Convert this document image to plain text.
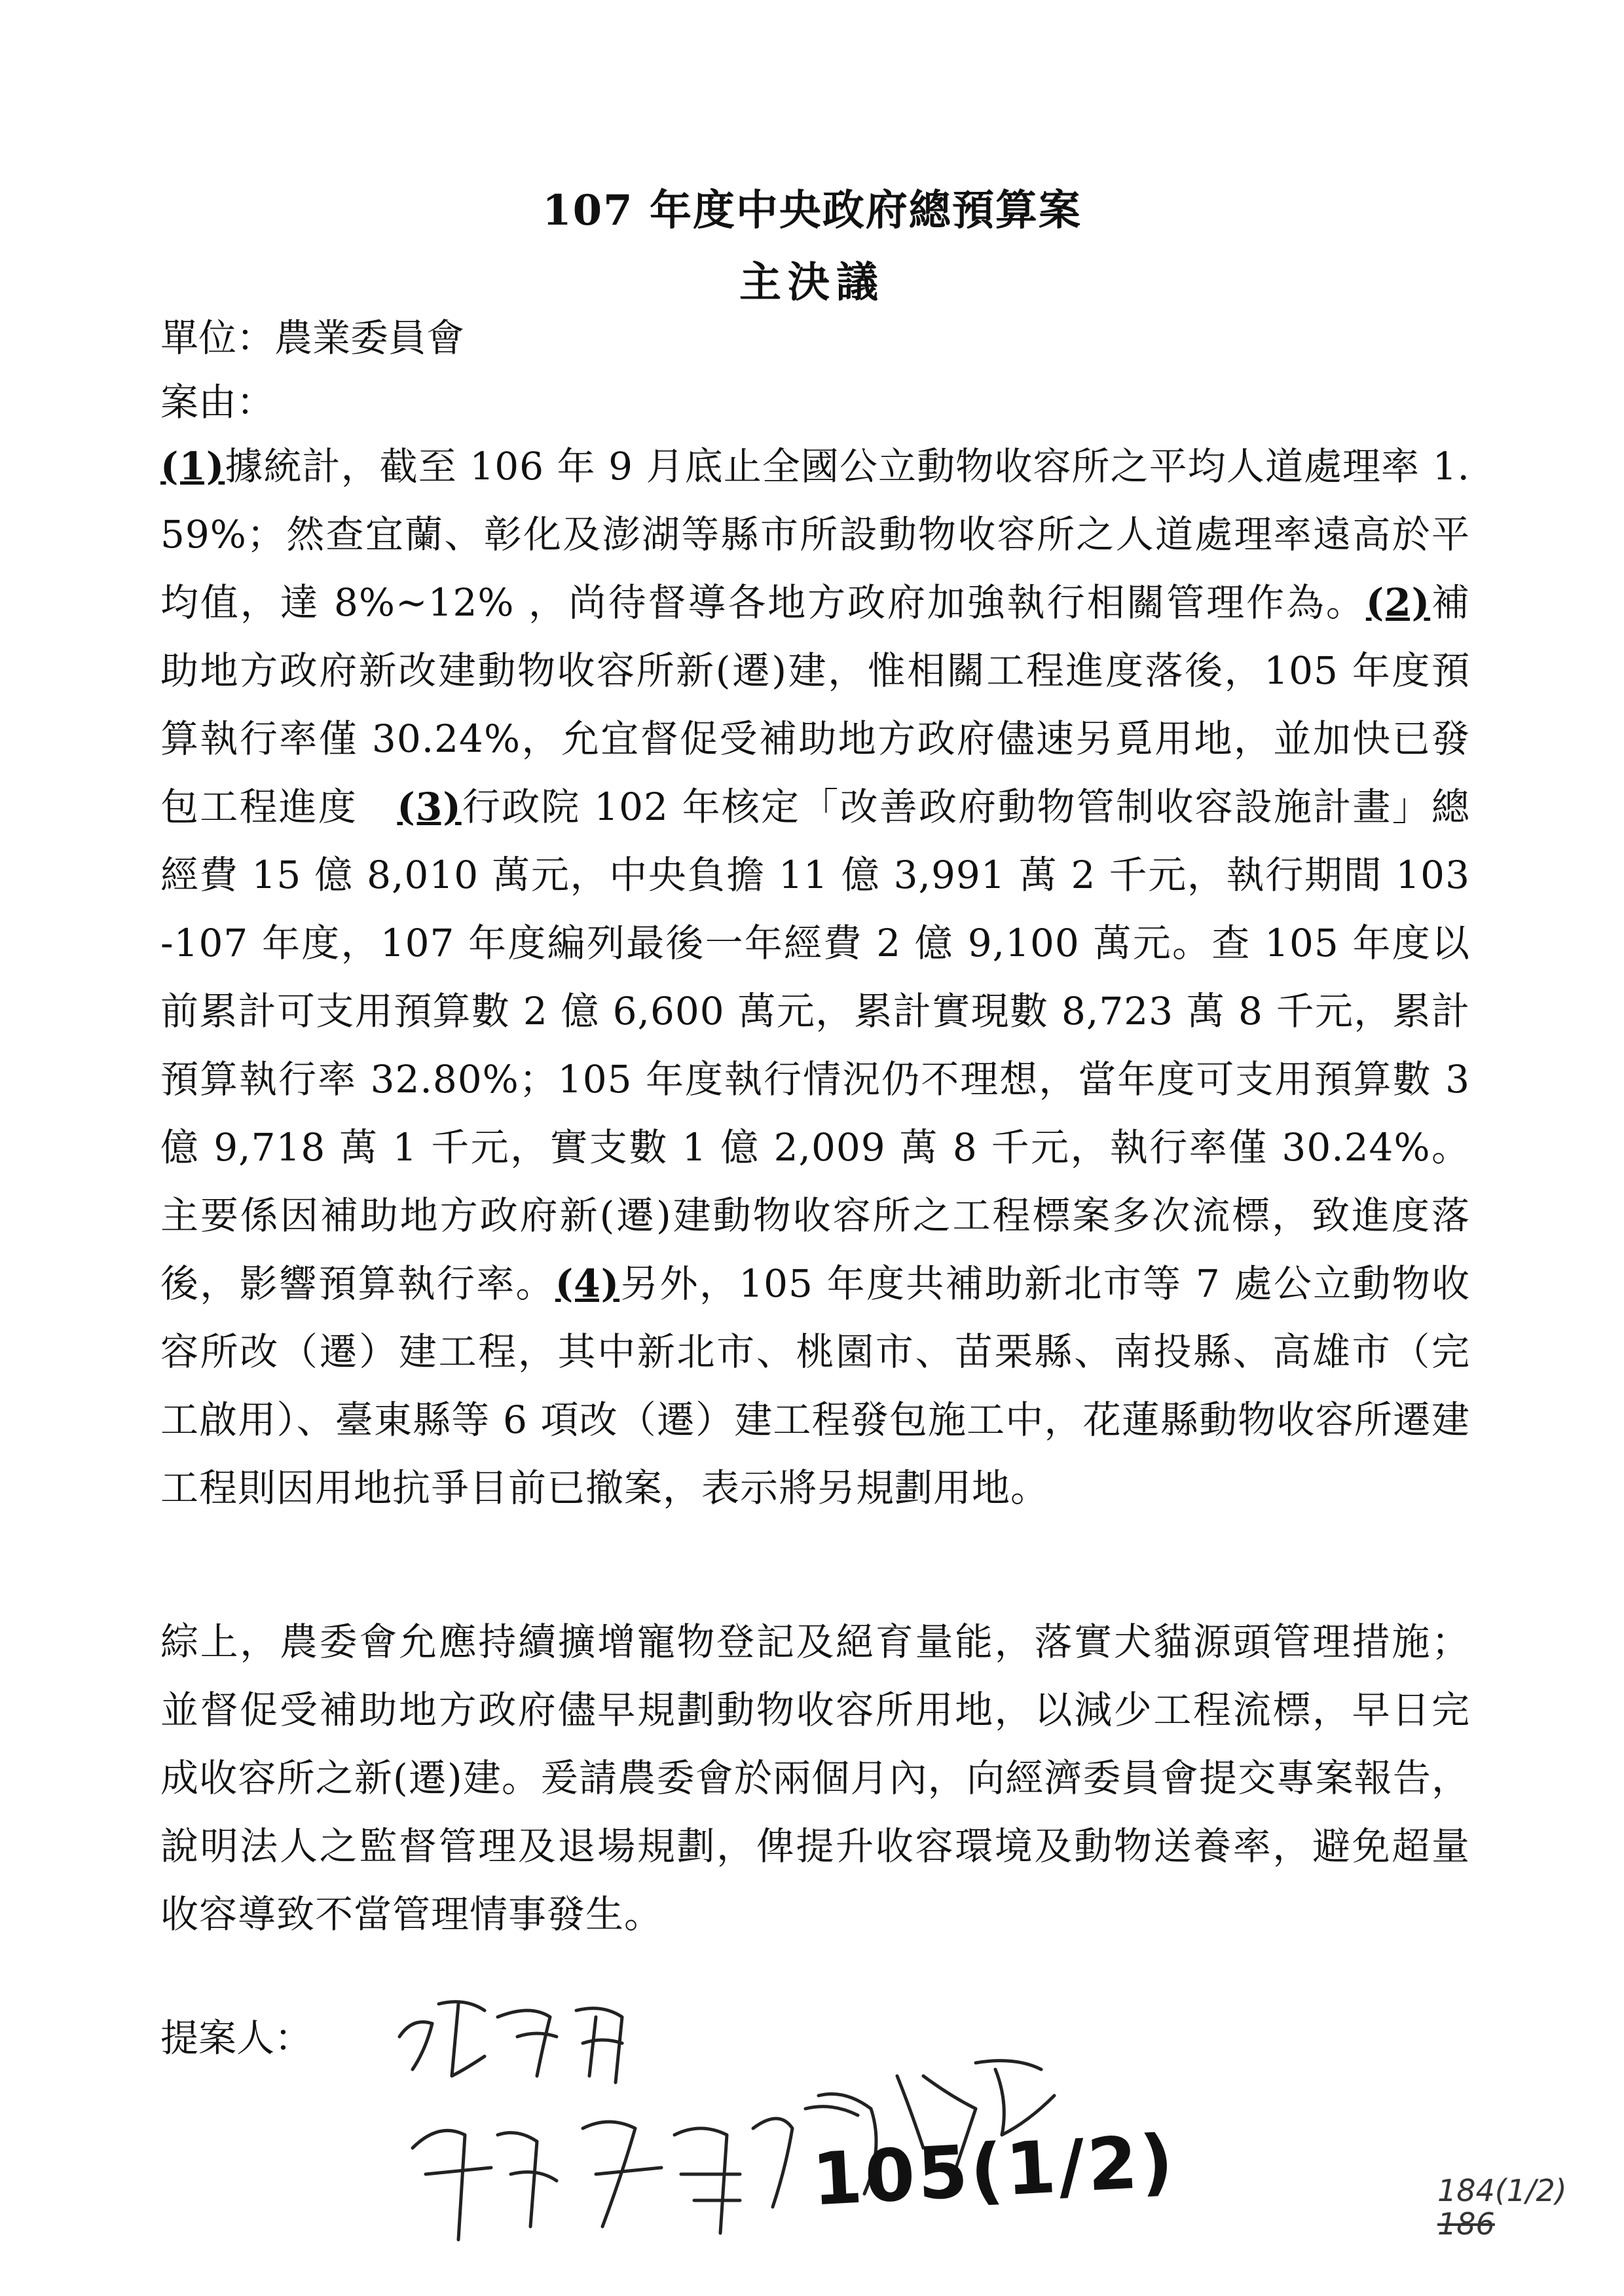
107 年度中央政府總預算案
主決議
單位：農業委員會
案由：
(1)據統計，截至 106 年 9 月底止全國公立動物收容所之平均人道處理率 1.59%；然查宜蘭、彰化及澎湖等縣市所設動物收容所之人道處理率遠高於平均值，達 8%~12% ，尚待督導各地方政府加強執行相關管理作為。(2)補助地方政府新改建動物收容所新(遷)建，惟相關工程進度落後，105 年度預算執行率僅 30.24%，允宜督促受補助地方政府儘速另覓用地，並加快已發包工程進度　(3)行政院 102 年核定「改善政府動物管制收容設施計畫」總經費 15 億 8,010 萬元，中央負擔 11 億 3,991 萬 2 千元，執行期間 103-107 年度，107 年度編列最後一年經費 2 億 9,100 萬元。查 105 年度以前累計可支用預算數 2 億 6,600 萬元，累計實現數 8,723 萬 8 千元，累計預算執行率 32.80%；105 年度執行情況仍不理想，當年度可支用預算數 3 億 9,718 萬 1 千元，實支數 1 億 2,009 萬 8 千元，執行率僅 30.24%。主要係因補助地方政府新(遷)建動物收容所之工程標案多次流標，致進度落後，影響預算執行率。(4)另外，105 年度共補助新北市等 7 處公立動物收容所改（遷）建工程，其中新北市、桃園市、苗栗縣、南投縣、高雄市（完工啟用）、臺東縣等 6 項改（遷）建工程發包施工中，花蓮縣動物收容所遷建工程則因用地抗爭目前已撤案，表示將另規劃用地。
綜上，農委會允應持續擴增寵物登記及絕育量能，落實犬貓源頭管理措施；並督促受補助地方政府儘早規劃動物收容所用地，以減少工程流標，早日完成收容所之新(遷)建。爰請農委會於兩個月內，向經濟委員會提交專案報告，說明法人之監督管理及退場規劃，俾提升收容環境及動物送養率，避免超量收容導致不當管理情事發生。
提案人：
105(1/2)	184(1/2)
186
